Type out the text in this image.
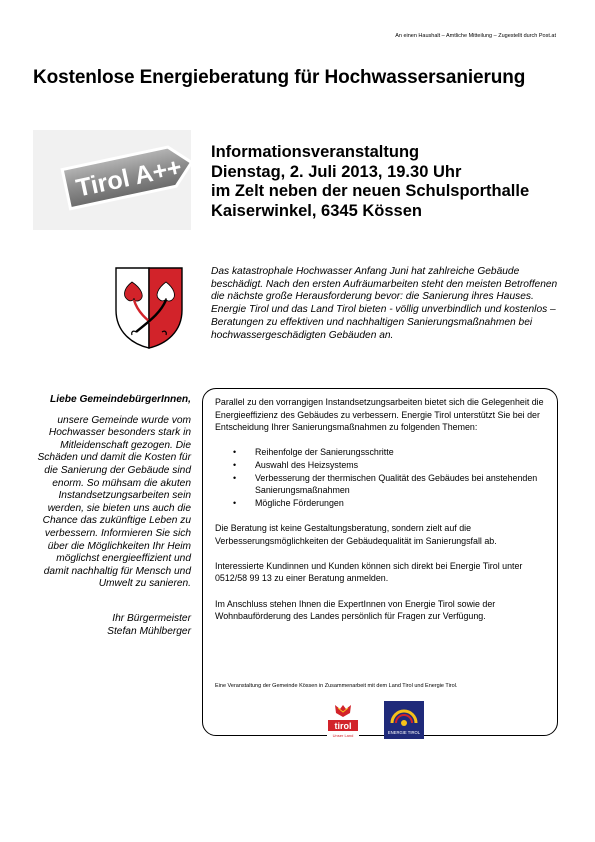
An einen Haushalt – Amtliche Mitteilung – Zugestellt durch Post.at
Kostenlose Energieberatung für Hochwassersanierung
Tirol A++
Informationsveranstaltung
Dienstag, 2. Juli 2013, 19.30 Uhr
im Zelt neben der neuen Schulsporthalle
Kaiserwinkel, 6345 Kössen
Das katastrophale Hochwasser Anfang Juni hat zahlreiche Gebäude beschädigt. Nach den ersten Aufräumarbeiten steht den meisten Betroffenen die nächste große Herausforderung bevor: die Sanierung ihres Hauses. Energie Tirol und das Land Tirol bieten - völlig unverbindlich und kostenlos – Beratungen zu effektiven und nachhaltigen Sanierungsmaßnahmen bei hochwassergeschädigten Gebäuden an.
Liebe GemeindebürgerInnen,

unsere Gemeinde wurde vom Hochwasser besonders stark in Mitleidenschaft gezogen. Die Schäden und damit die Kosten für die Sanierung der Gebäude sind enorm. So mühsam die akuten Instandsetzungsarbeiten sein werden, sie bieten uns auch die Chance das zukünftige Leben zu verbessern. Informieren Sie sich über die Möglichkeiten Ihr Heim möglichst energieeffizient und damit nachhaltig für Mensch und Umwelt zu sanieren.

Ihr Bürgermeister
Stefan Mühlberger

Parallel zu den vorrangigen Instandsetzungsarbeiten bietet sich die Gelegenheit die Energieeffizienz des Gebäudes zu verbessern. Energie Tirol unterstützt Sie bei der Entscheidung Ihrer Sanierungsmaßnahmen zu folgenden Themen:

• Reihenfolge der Sanierungsschritte
• Auswahl des Heizsystems
• Verbesserung der thermischen Qualität des Gebäudes bei anstehenden Sanierungsmaßnahmen
• Mögliche Förderungen

Die Beratung ist keine Gestaltungsberatung, sondern zielt auf die Verbesserungsmöglichkeiten der Gebäudequalität im Sanierungsfall ab.

Interessierte Kundinnen und Kunden können sich direkt bei Energie Tirol unter 0512/58 99 13 zu einer Beratung anmelden.

Im Anschluss stehen Ihnen die ExpertInnen von Energie Tirol sowie der Wohnbauförderung des Landes persönlich für Fragen zur Verfügung.

Eine Veranstaltung der Gemeinde Kössen in Zusammenarbeit mit dem Land Tirol und Energie Tirol.
tirol
Unser Land
ENERGIE TIROL
